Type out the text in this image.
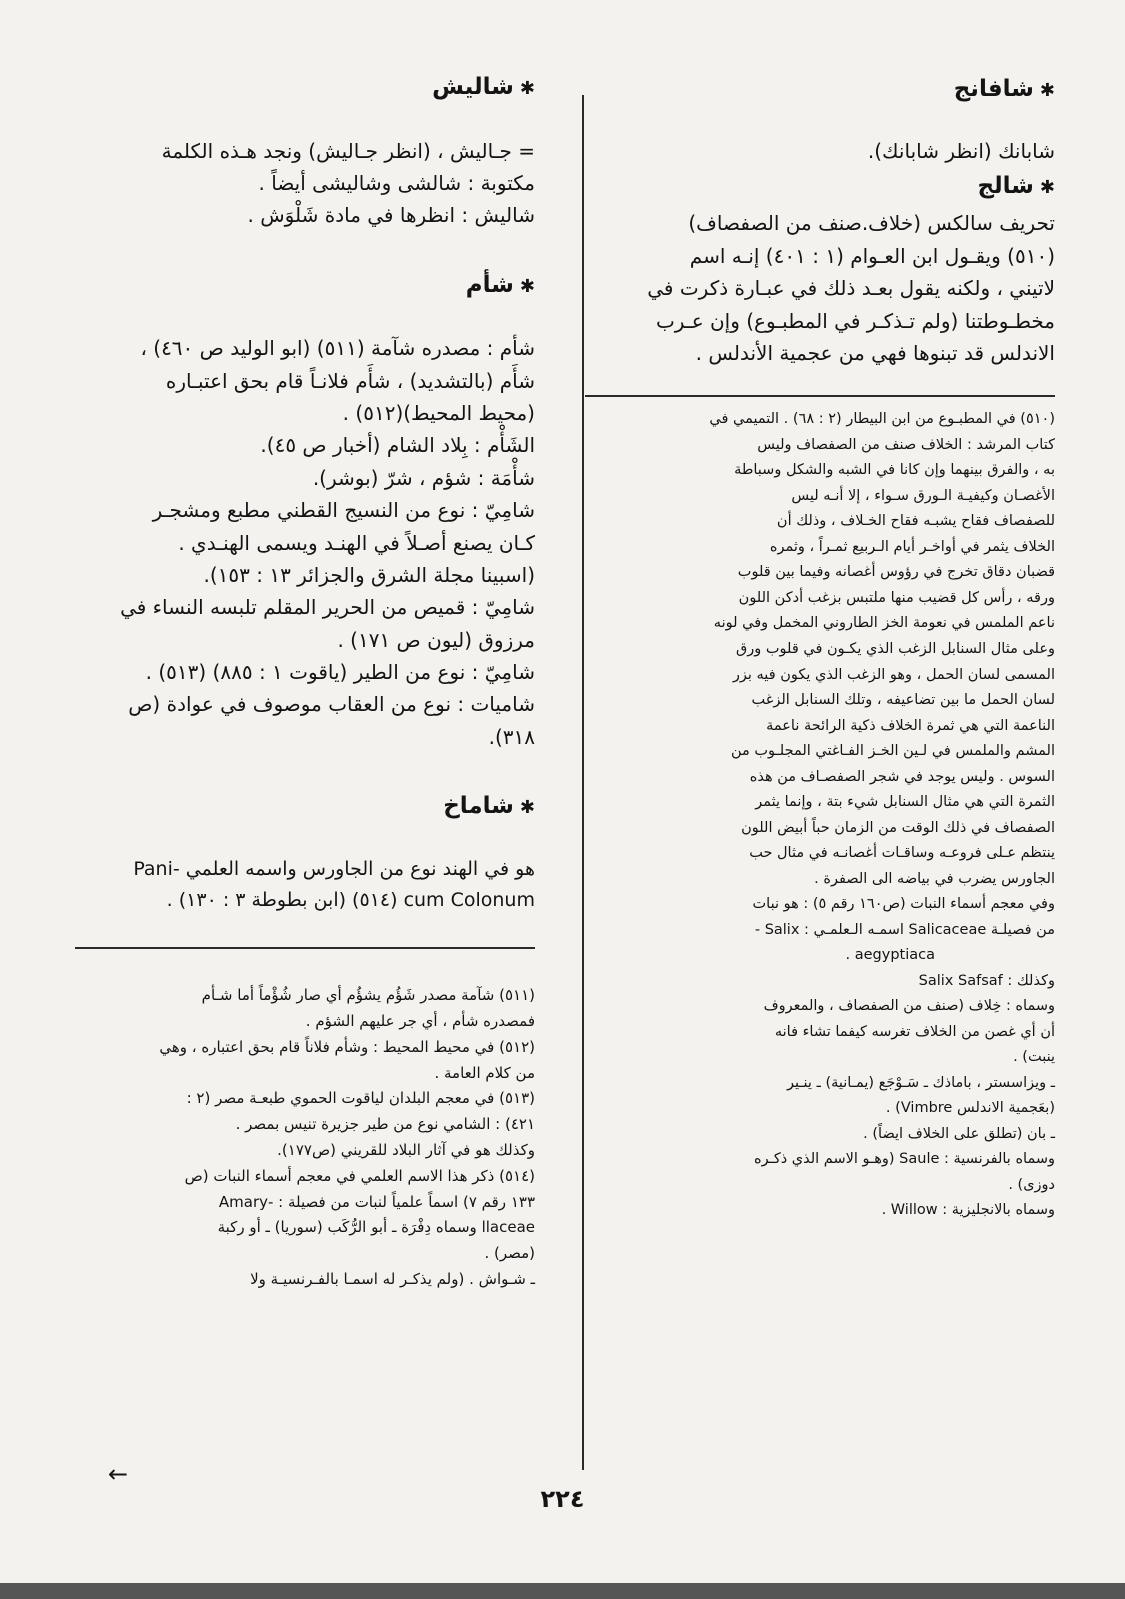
✱شافانج

شابانك (انظر شابانك).

✱شالج

تحريف سالكس (خلاف.صنف من الصفصاف)

(٥١٠) ويقـول ابن العـوام (١ : ٤٠١) إنـه اسم

لاتيني ، ولكنه يقول بعـد ذلك في عبـارة ذكرت في

مخطـوطتنا (ولم تـذكـر في المطبـوع) وإن عـرب

الاندلس قد تبنوها فهي من عجمية الأندلس .

(٥١٠) في المطبـوع من ابن البيطار (٢ : ٦٨) . التميمي في

كتاب المرشد : الخلاف صنف من الصفصاف وليس

به ، والفرق بينهما وإن كانا في الشبه والشكل وسباطة

الأغصـان وكيفيـة الـورق سـواء ، إلا أنـه ليس

للصفصاف فقاح يشبـه فقاح الخـلاف ، وذلك أن

الخلاف يثمر في أواخـر أيام الـربيع ثمـراً ، وثمره

قضبان دقاق تخرج في رؤوس أغصانه وفيما بين قلوب

ورقه ، رأس كل قضيب منها ملتبس بزغب أدكن اللون

ناعم الملمس في نعومة الخز الطاروني المخمل وفي لونه

وعلى مثال السنابل الزغب الذي يكـون في قلوب ورق

المسمى لسان الحمل ، وهو الزغب الذي يكون فيه بزر

لسان الحمل ما بين تضاعيفه ، وتلك السنابل الزغب

الناعمة التي هي ثمرة الخلاف ذكية الرائحة ناعمة

المشم والملمس في لـين الخـز الفـاغتي المجلـوب من

السوس . وليس يوجد في شجر الصفصـاف من هذه

الثمرة التي هي مثال السنابل شيء بتة ، وإنما يثمر

الصفصاف في ذلك الوقت من الزمان حباً أبيض اللون

ينتظم عـلى فروعـه وساقـات أغصانـه في مثال حب

الجاورس يضرب في بياضه الى الصفرة .

وفي معجم أسماء النبات (ص١٦٠ رقم ٥) : هو نبات

من فصيلـة Salicaceae اسمـه الـعلمـي : Salix -

aegyptiaca .

وكذلك : Salix Safsaf

وسماه : خِلاف (صنف من الصفصاف ، والمعروف

أن أي غصن من الخلاف تغرسه كيفما تشاء فانه

ينبت) .

ـ ويزاسستر ، باماذك ـ سَـوْجَع (يمـانية) ـ ينـير

(بعَجمية الاندلس Vimbre) .

ـ بان (تطلق على الخلاف ايضاً) .

وسماه بالفرنسية : Saule (وهـو الاسم الذي ذكـره

دوزى) .

وسماه بالانجليزية : Willow .

✱شاليش

= جـاليش ، (انظر جـاليش) ونجد هـذه الكلمة

مكتوبة : شالشى وشاليشى أيضاً .

شاليش : انظرها في مادة شَلْوَش .

✱شأم

شأم : مصدره شآمة (٥١١) (ابو الوليد ص ٤٦٠) ،

شأَم (بالتشديد) ، شأَم فلانـاً قام بحق اعتبـاره

(محيط المحيط)(٥١٢) .

الشَأْم : بِلاد الشام (أخبار ص ٤٥).

شأْمَة : شؤم ، شرّ (بوشر).

شامِيّ : نوع من النسيج القطني مطبع ومشجـر

كـان يصنع أصـلاً في الهنـد ويسمى الهنـدي .

(اسبينا مجلة الشرق والجزائر ١٣ : ١٥٣).

شامِيّ : قميص من الحرير المقلم تلبسه النساء في

مرزوق (ليون ص ١٧١) .

شامِيّ : نوع من الطير (ياقوت ١ : ٨٨٥) (٥١٣) .

شاميات : نوع من العقاب موصوف في عوادة (ص

٣١٨).

✱شاماخ

هو في الهند نوع من الجاورس واسمه العلمي -Pani

cum Colonum (٥١٤) (ابن بطوطة ٣ : ١٣٠) .

(٥١١) شآمة مصدر شَؤُم يشؤُم أي صار شُؤْماً أما شـأم

فمصدره شأم ، أي جر عليهم الشؤم .

(٥١٢) في محيط المحيط : وشأم فلاناً قام بحق اعتباره ، وهي

من كلام العامة .

(٥١٣) في معجم البلدان لياقوت الحموي طبعـة مصر (٢ :

٤٢١) : الشامي نوع من طير جزيرة تنيس بمصر .

وكذلك هو في آثار البلاد للقريني (ص١٧٧).

(٥١٤) ذكر هذا الاسم العلمي في معجم أسماء النبات (ص

١٣٣ رقم ٧) اسماً علمياً لنبات من فصيلة : -Amary

llaceae وسماه دِفْرَة ـ أبو الرُّكَب (سوريا) ـ أو ركبة

(مصر) .

ـ شـواش . (ولم يذكـر له اسمـا بالفـرنسيـة ولا

←
٢٢٤
